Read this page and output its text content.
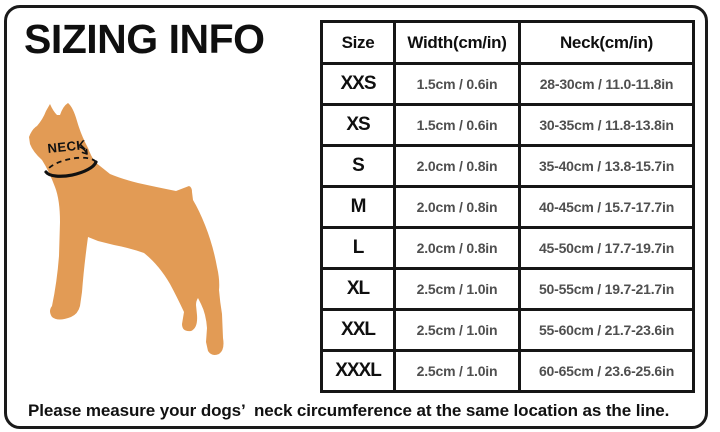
SIZING INFO
NECK
Size	Width(cm/in)	Neck(cm/in)
XXS	1.5cm / 0.6in	28-30cm / 11.0-11.8in
XS	1.5cm / 0.6in	30-35cm / 11.8-13.8in
S	2.0cm / 0.8in	35-40cm / 13.8-15.7in
M	2.0cm / 0.8in	40-45cm / 15.7-17.7in
L	2.0cm / 0.8in	45-50cm / 17.7-19.7in
XL	2.5cm / 1.0in	50-55cm / 19.7-21.7in
XXL	2.5cm / 1.0in	55-60cm / 21.7-23.6in
XXXL	2.5cm / 1.0in	60-65cm / 23.6-25.6in
Please measure your dogs’  neck circumference at the same location as the line.
